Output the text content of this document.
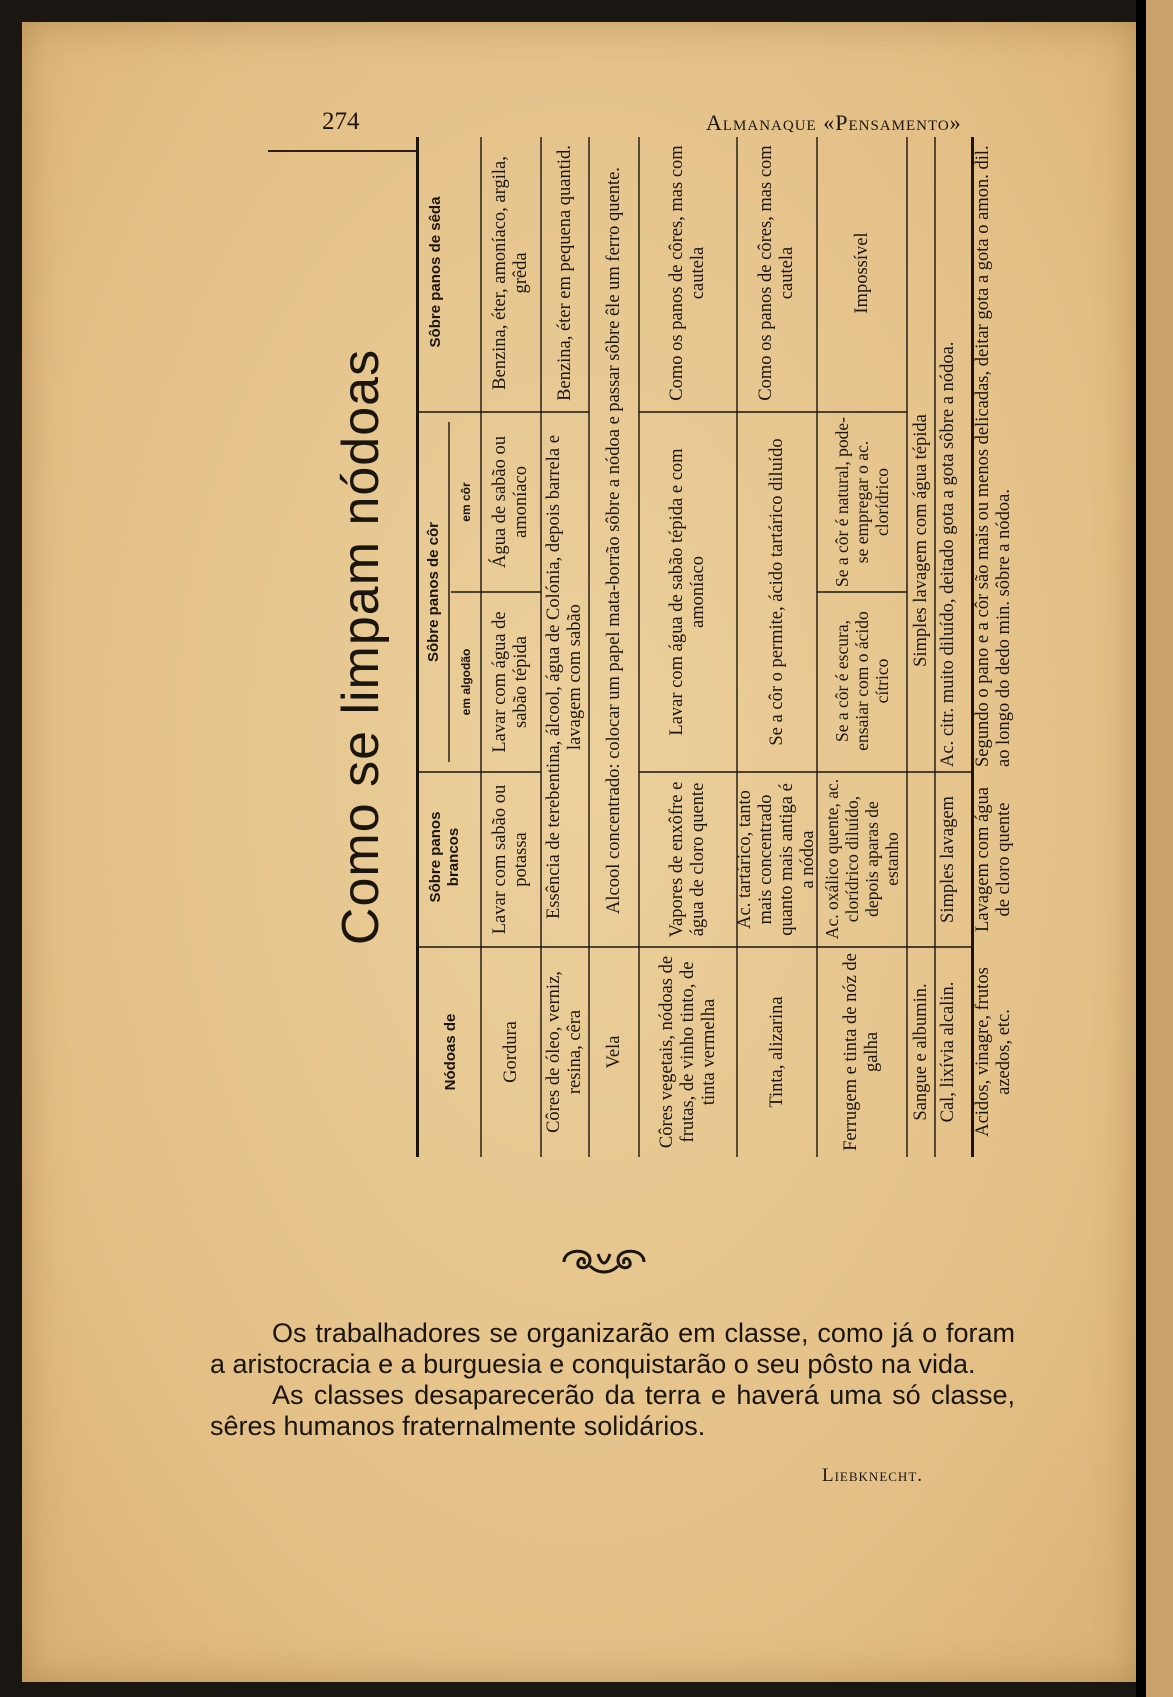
274	Almanaque «Pensamento»
Como se limpam nódoas
Nódoas de
Sôbre panos brancos
Sôbre panos de côr
em algodão
em côr
Sôbre panos de sêda
Gordura
Lavar com sabão ou potassa
Lavar com água de sabão tépida
Água de sabão ou amoníaco
Benzina, éter, amoníaco, argila, grêda
Côres de óleo, verniz, resina, cêra
Essência de terebentina, álcool, água de Colónia, depois barrela e lavagem com sabão
Benzina, éter em pequena quantid.
Vela
Alcool concentrado: colocar um papel mata-borrão sôbre a nódoa e passar sôbre êle um ferro quente.
Côres vegetais, nódoas de frutas, de vinho tinto, de tinta vermelha
Vapores de enxôfre e água de cloro quente
Lavar com água de sabão tépida e com amoníaco
Como os panos de côres, mas com cautela
Tinta, alizarina
Ac. tartárico, tanto mais concentrado quanto mais antiga é a nódoa
Se a côr o permite, ácido tartárico diluído
Como os panos de côres, mas com cautela
Ferrugem e tinta de nóz de galha
Ac. oxálico quente, ac. clorídrico diluído, depois aparas de estanho
Se a côr é escura, ensaiar com o ácido cítrico
Se a côr é natural, pode-se empregar o ac. clorídrico
Impossível
Sangue e albumin.
Simples lavagem com água tépida
Cal, lixívia alcalin.
Simples lavagem
Ac. citr. muito diluído, deitado gota a gota sôbre a nódoa.
Ácidos, vinagre, frutos azedos, etc.
Lavagem com água de cloro quente
Segundo o pano e a côr são mais ou menos delicadas, deitar gota a gota o amon. dil. ao longo do dedo min. sôbre a nódoa.

Os trabalhadores se organizarão em classe, como já o foram a aristocracia e a burguesia e conquistarão o seu pôsto na vida.

As classes desaparecerão da terra e haverá uma só classe, sêres humanos fraternalmente solidários.

Liebknecht.
